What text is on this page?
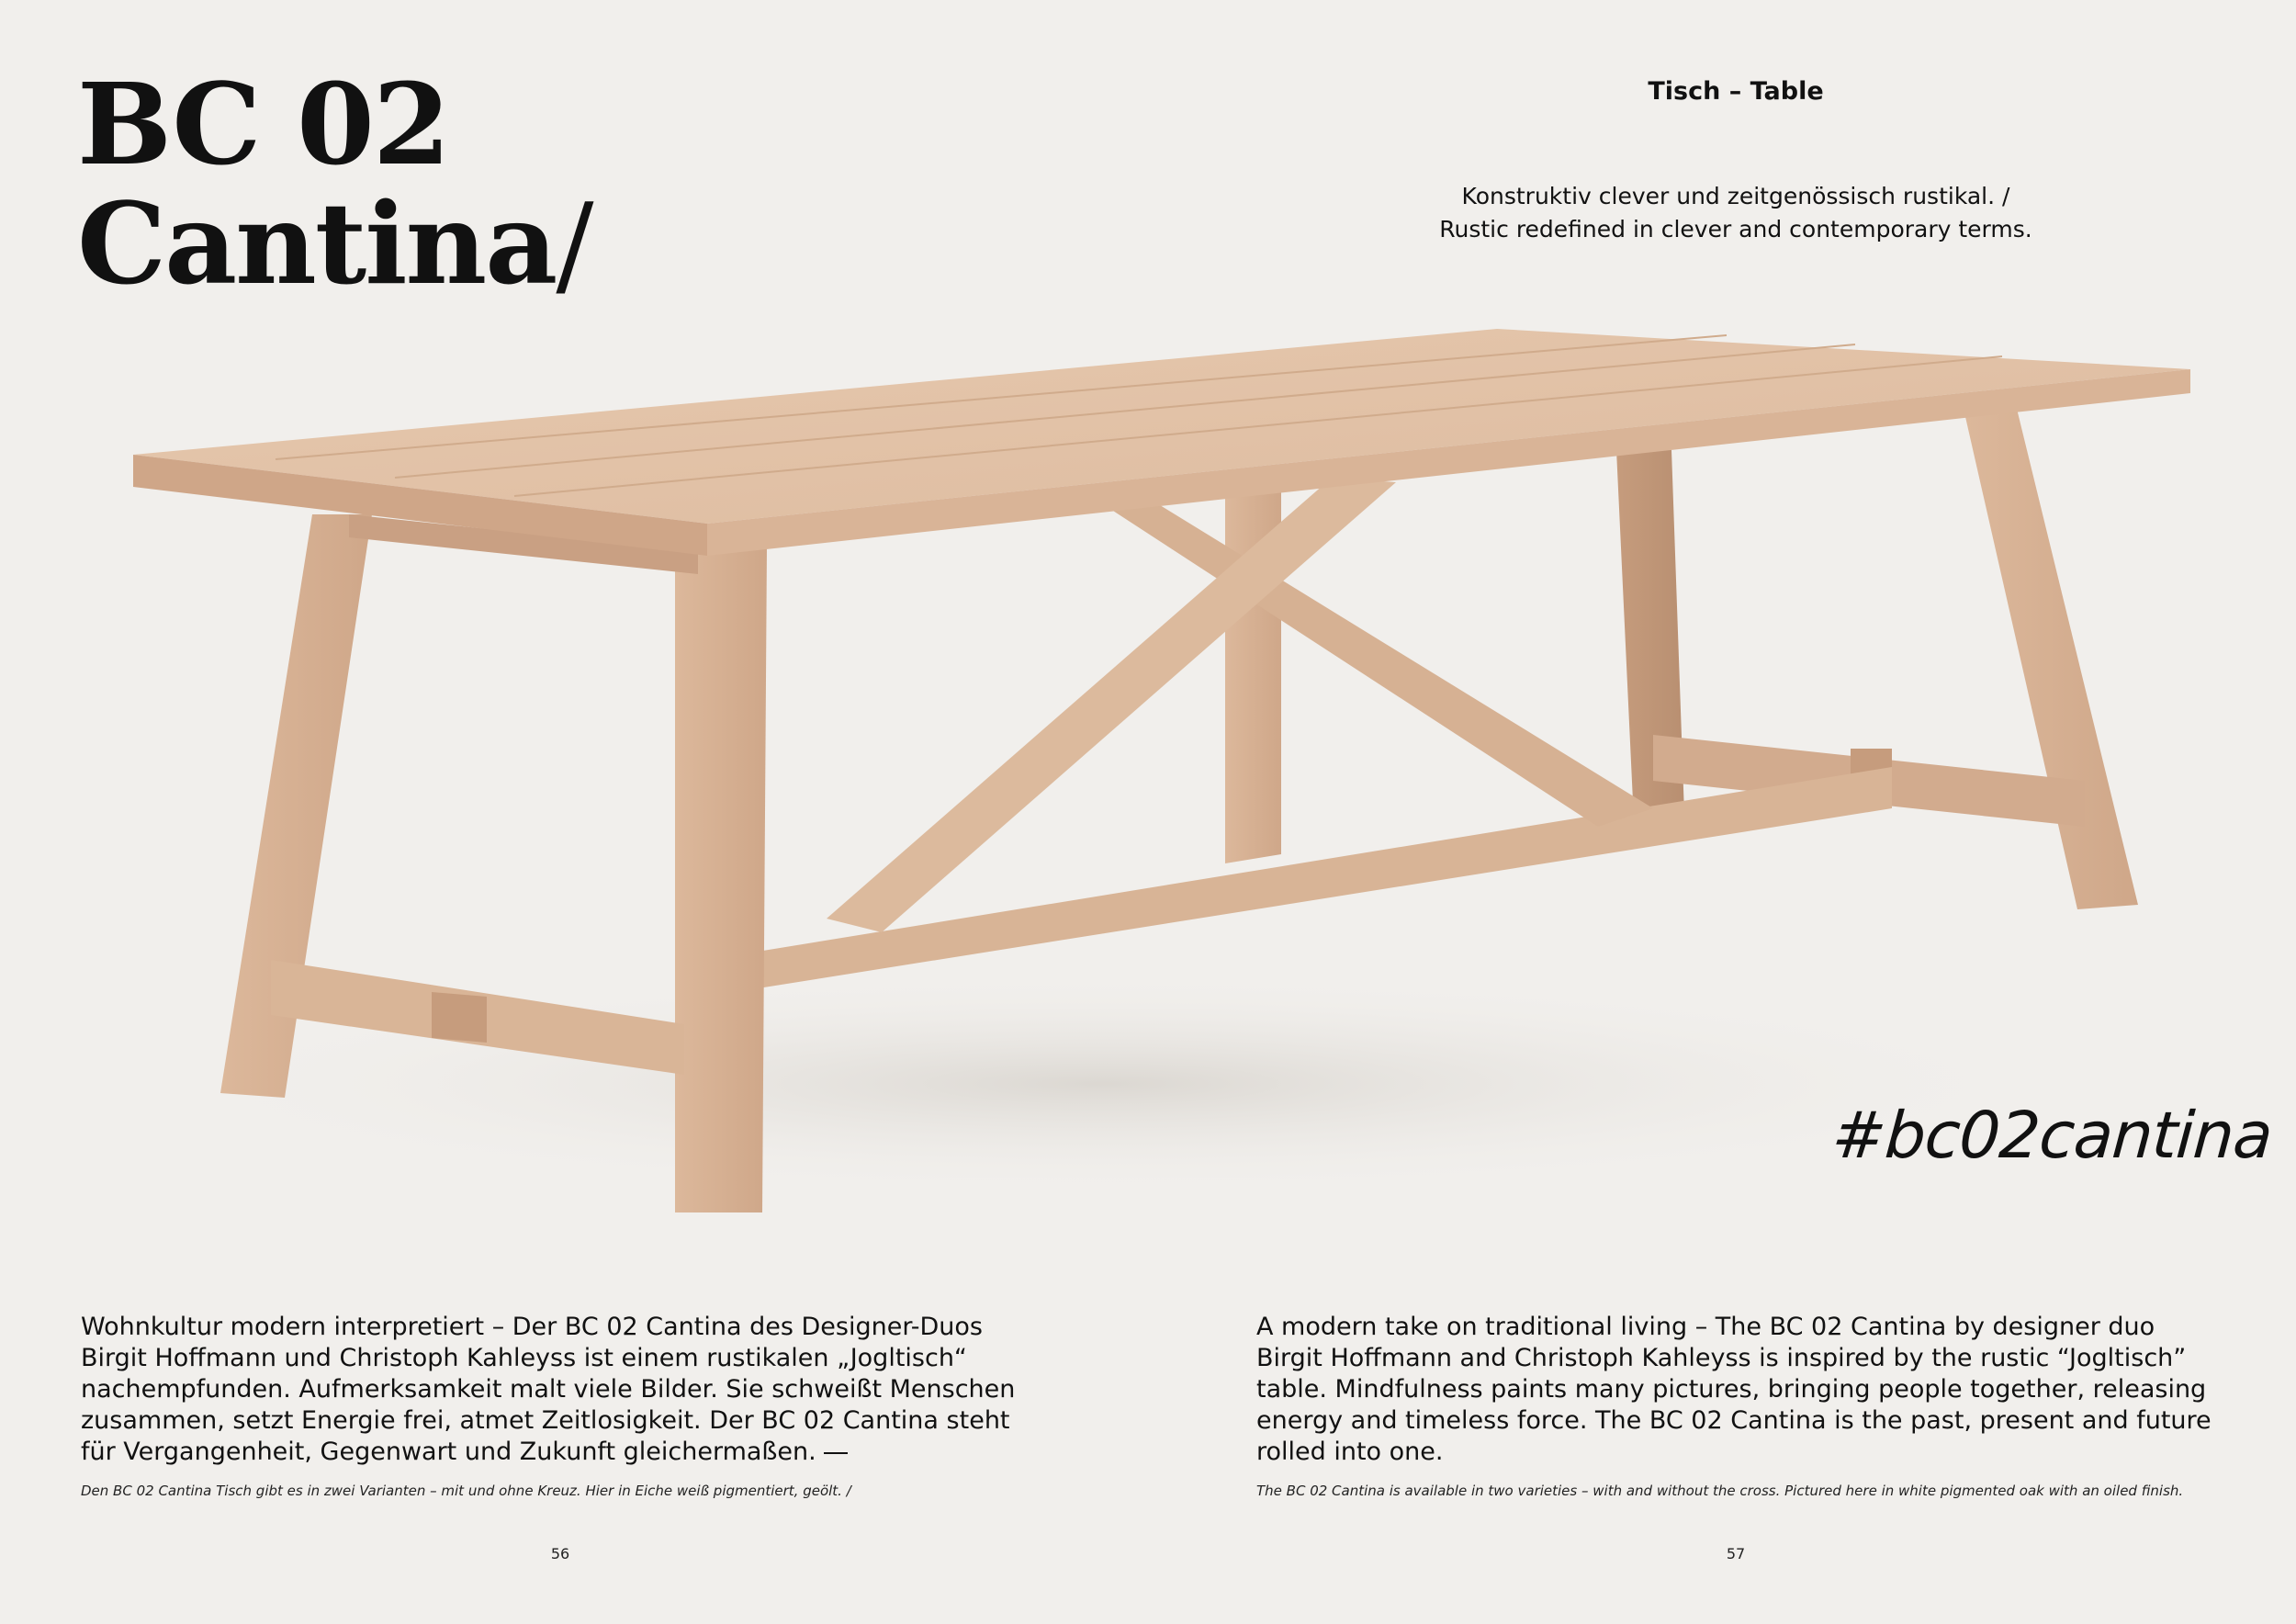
BC 02
Cantina/
Tisch – Table
Konstruktiv clever und zeitgenössisch rustikal. /
Rustic redefined in clever and contemporary terms.
#bc02cantina

Wohnkultur modern interpretiert – Der BC 02 Cantina des Designer-Duos Birgit Hoffmann und Christoph Kahleyss ist einem rustikalen „Jogltisch“ nachempfunden. Aufmerksamkeit malt viele Bilder. Sie schweißt Menschen zusammen, setzt Energie frei, atmet Zeitlosigkeit. Der BC 02 Cantina steht für Vergangenheit, Gegenwart und Zukunft gleichermaßen.

A modern take on traditional living – The BC 02 Cantina by designer duo Birgit Hoffmann and Christoph Kahleyss is inspired by the rustic “Jogltisch” table. Mindfulness paints many pictures, bringing people together, releasing energy and timeless force. The BC 02 Cantina is the past, present and future rolled into one.

Den BC 02 Cantina Tisch gibt es in zwei Varianten – mit und ohne Kreuz. Hier in Eiche weiß pigmentiert, geölt. /	The BC 02 Cantina is available in two varieties – with and without the cross. Pictured here in white pigmented oak with an oiled finish.

56	57
